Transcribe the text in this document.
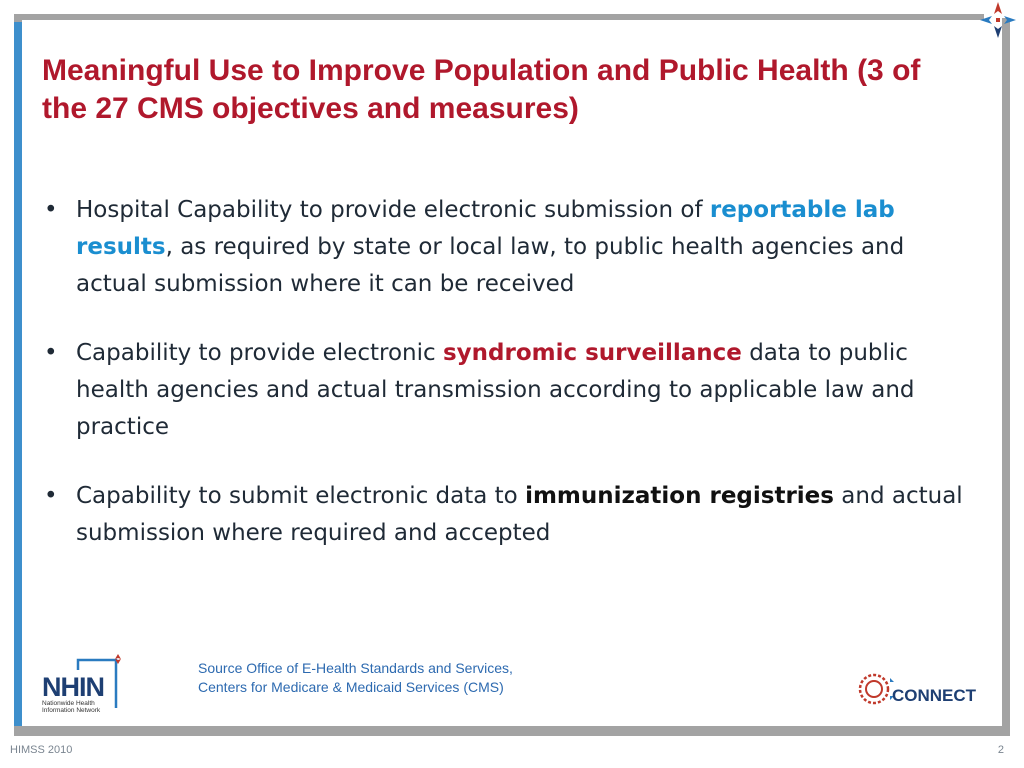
Meaningful Use to Improve Population and Public Health (3 of the 27 CMS objectives and measures)
• Hospital Capability to provide electronic submission of reportable lab results, as required by state or local law, to public health agencies and actual submission where it can be received
• Capability to provide electronic syndromic surveillance data to public health agencies and actual transmission according to applicable law and practice
• Capability to submit electronic data to immunization registries and actual submission where required and accepted
Source Office of E-Health Standards and Services,
Centers for Medicare & Medicaid Services (CMS)
NHIN
Nationwide Health Information Network
CONNECT
HIMSS 2010	2
